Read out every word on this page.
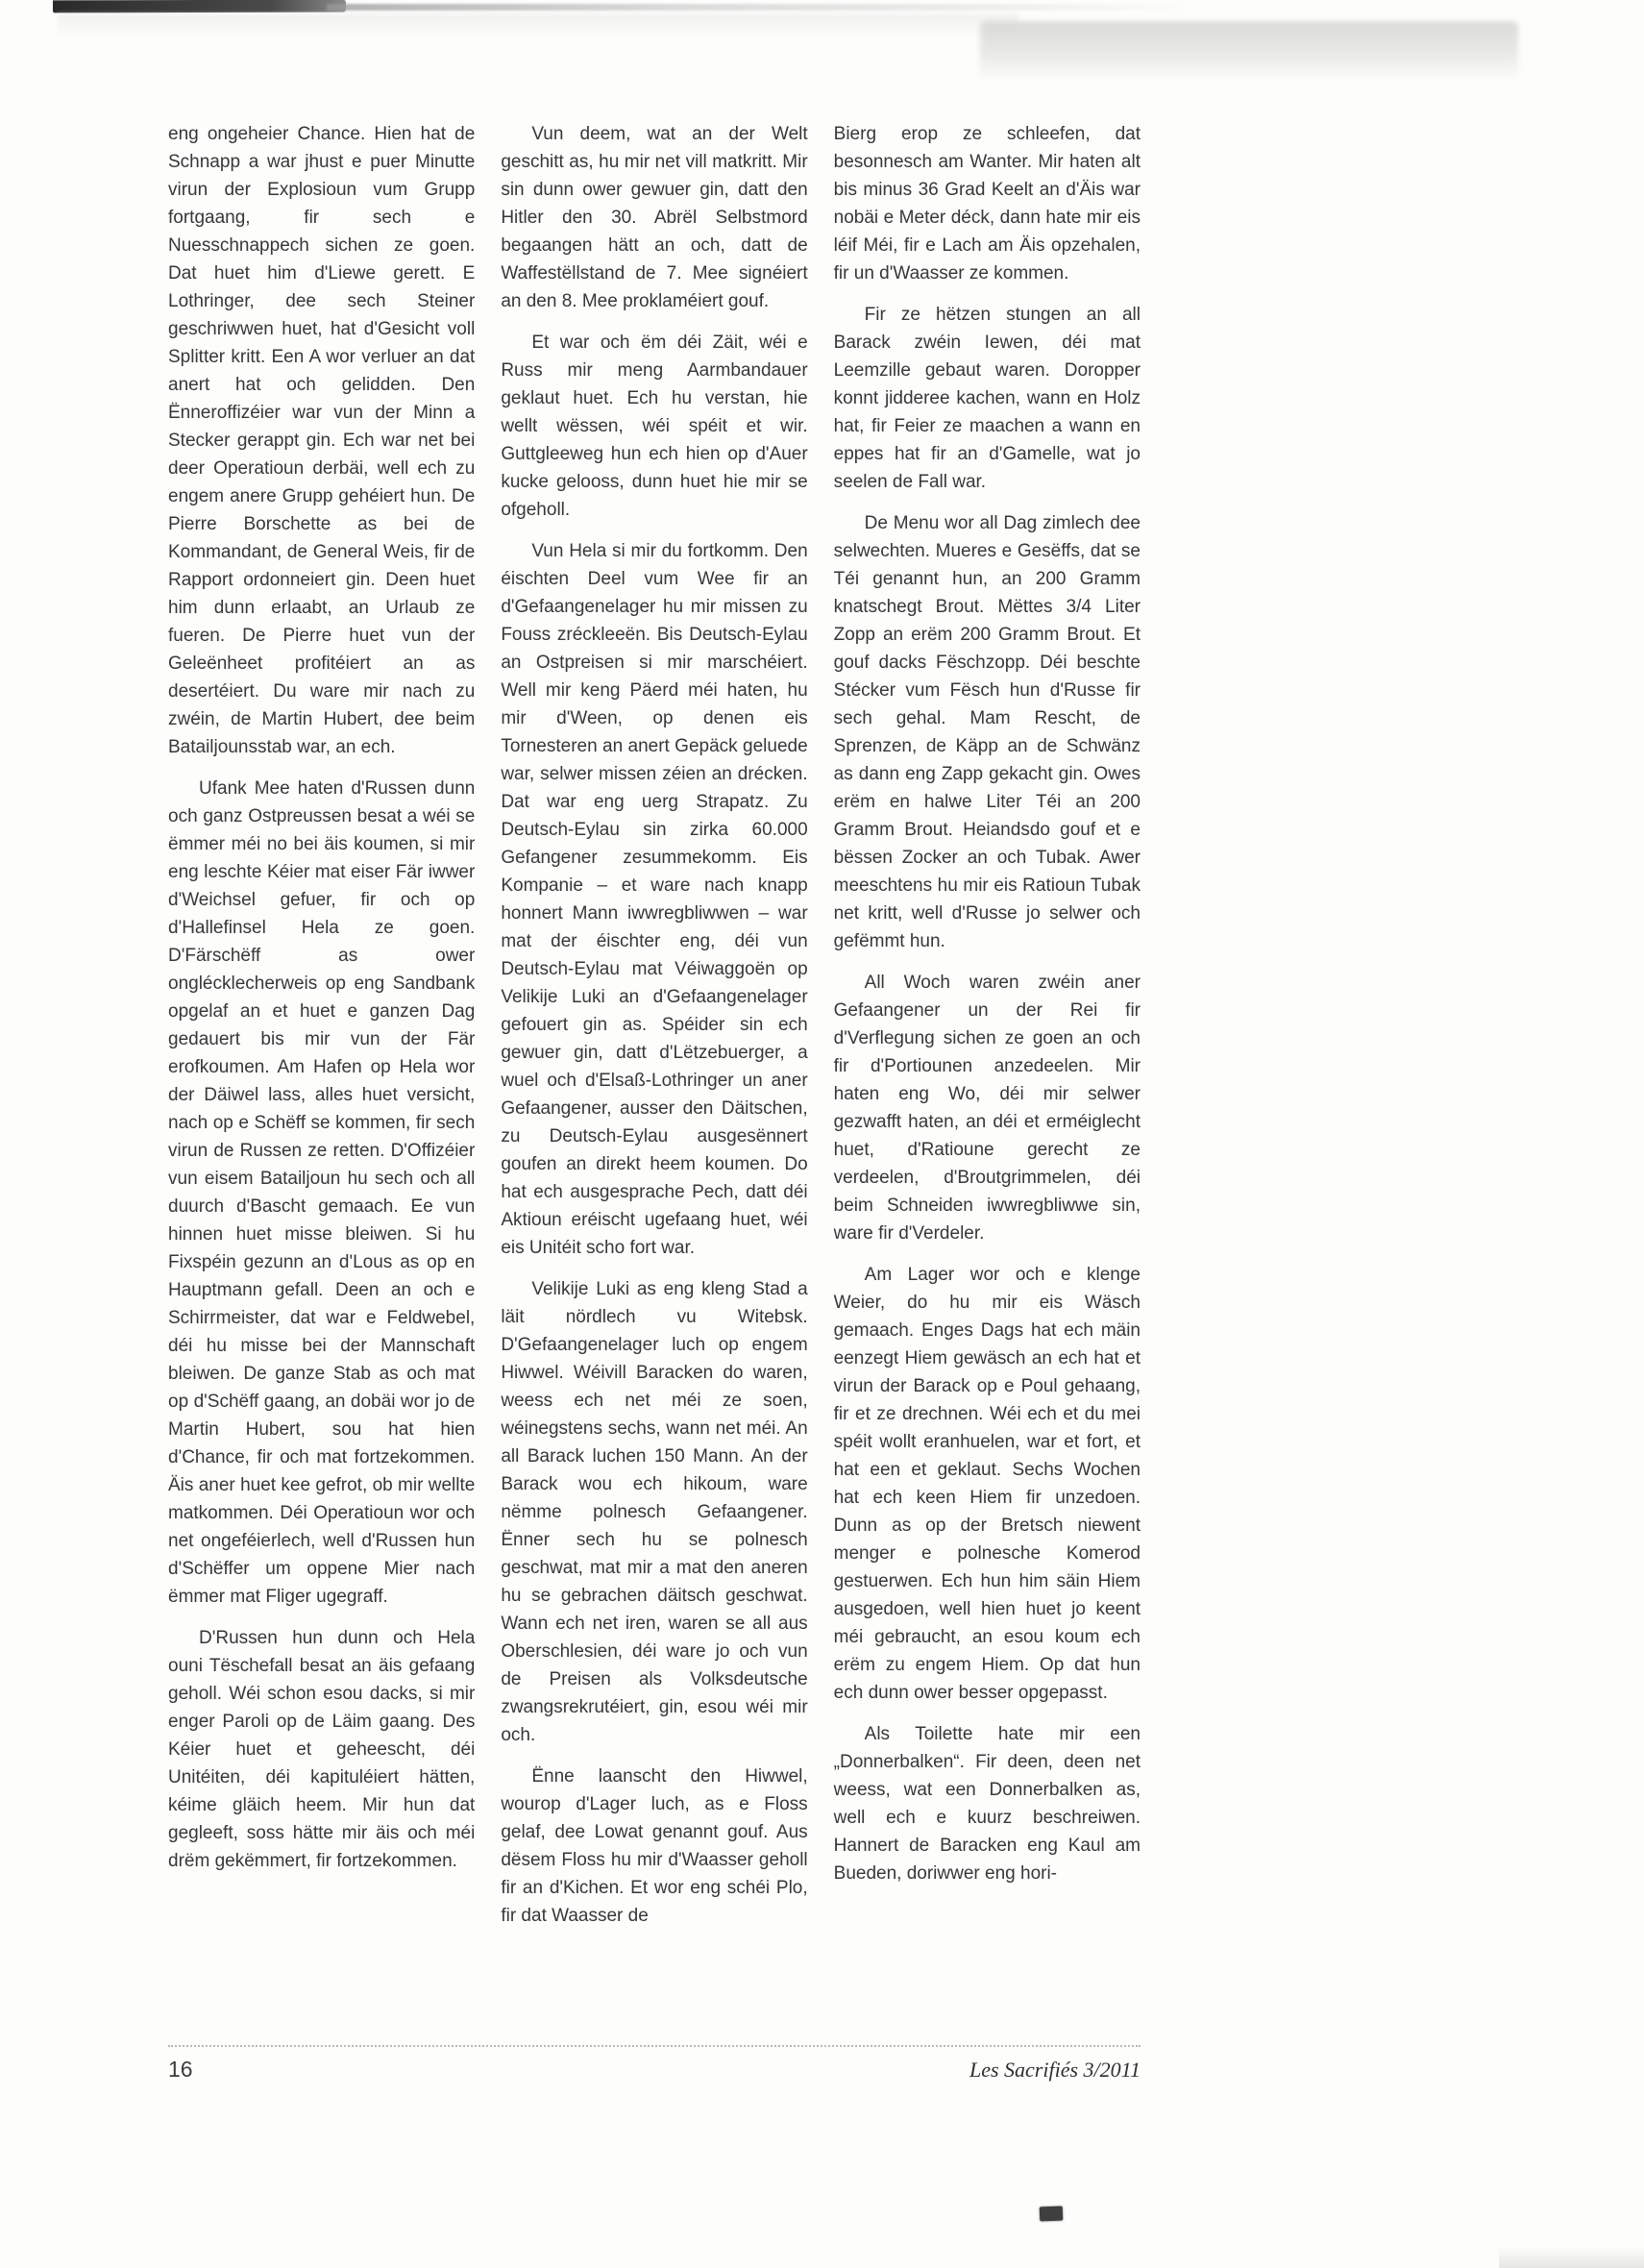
eng ongeheier Chance. Hien hat de Schnapp a war jhust e puer Minutte virun der Explosioun vum Grupp fortgaang, fir sech e Nuesschnappech sichen ze goen. Dat huet him d'Liewe gerett. E Lothringer, dee sech Steiner geschriwwen huet, hat d'Gesicht voll Splitter kritt. Een A wor verluer an dat anert hat och gelidden. Den Ënneroffizéier war vun der Minn a Stecker gerappt gin. Ech war net bei deer Operatioun derbäi, well ech zu engem anere Grupp gehéiert hun. De Pierre Borschette as bei de Kommandant, de General Weis, fir de Rapport ordonneiert gin. Deen huet him dunn erlaabt, an Urlaub ze fueren. De Pierre huet vun der Geleënheet profitéiert an as desertéiert. Du ware mir nach zu zwéin, de Martin Hubert, dee beim Batailjounsstab war, an ech.

Ufank Mee haten d'Russen dunn och ganz Ostpreussen besat a wéi se ëmmer méi no bei äis koumen, si mir eng leschte Kéier mat eiser Fär iwwer d'Weichsel gefuer, fir och op d'Hallefinsel Hela ze goen. D'Färschëff as ower onglécklecherweis op eng Sandbank opgelaf an et huet e ganzen Dag gedauert bis mir vun der Fär erofkoumen. Am Hafen op Hela wor der Däiwel lass, alles huet versicht, nach op e Schëff se kommen, fir sech virun de Russen ze retten. D'Offizéier vun eisem Batailjoun hu sech och all duurch d'Bascht gemaach. Ee vun hinnen huet misse bleiwen. Si hu Fixspéin gezunn an d'Lous as op en Hauptmann gefall. Deen an och e Schirrmeister, dat war e Feldwebel, déi hu misse bei der Mannschaft bleiwen. De ganze Stab as och mat op d'Schëff gaang, an dobäi wor jo de Martin Hubert, sou hat hien d'Chance, fir och mat fortzekommen. Äis aner huet kee gefrot, ob mir wellte matkommen. Déi Operatioun wor och net ongeféierlech, well d'Russen hun d'Schëffer um oppene Mier nach ëmmer mat Fliger ugegraff.

D'Russen hun dunn och Hela ouni Tëschefall besat an äis gefaang geholl. Wéi schon esou dacks, si mir enger Paroli op de Läim gaang. Des Kéier huet et geheescht, déi Unitéiten, déi kapituléiert hätten, kéime gläich heem. Mir hun dat gegleeft, soss hätte mir äis och méi drëm gekëmmert, fir fortzekommen.

Vun deem, wat an der Welt geschitt as, hu mir net vill matkritt. Mir sin dunn ower gewuer gin, datt den Hitler den 30. Abrël Selbstmord begaangen hätt an och, datt de Waffestëllstand de 7. Mee signéiert an den 8. Mee proklaméiert gouf.

Et war och ëm déi Zäit, wéi e Russ mir meng Aarmbandauer geklaut huet. Ech hu verstan, hie wellt wëssen, wéi spéit et wir. Guttgleeweg hun ech hien op d'Auer kucke gelooss, dunn huet hie mir se ofgeholl.

Vun Hela si mir du fortkomm. Den éischten Deel vum Wee fir an d'Gefaangenelager hu mir missen zu Fouss zréckleeën. Bis Deutsch-Eylau an Ostpreisen si mir marschéiert. Well mir keng Päerd méi haten, hu mir d'Ween, op denen eis Tornesteren an anert Gepäck geluede war, selwer missen zéien an drécken. Dat war eng uerg Strapatz. Zu Deutsch-Eylau sin zirka 60.000 Gefangener zesummekomm. Eis Kompanie – et ware nach knapp honnert Mann iwwregbliwwen – war mat der éischter eng, déi vun Deutsch-Eylau mat Véiwaggoën op Velikije Luki an d'Gefaangenelager gefouert gin as. Spéider sin ech gewuer gin, datt d'Lëtzebuerger, a wuel och d'Elsaß-Lothringer un aner Gefaangener, ausser den Däitschen, zu Deutsch-Eylau ausgesënnert goufen an direkt heem koumen. Do hat ech ausgesprache Pech, datt déi Aktioun eréischt ugefaang huet, wéi eis Unitéit scho fort war.

Velikije Luki as eng kleng Stad a läit nördlech vu Witebsk. D'Gefaangenelager luch op engem Hiwwel. Wéivill Baracken do waren, weess ech net méi ze soen, wéinegstens sechs, wann net méi. An all Barack luchen 150 Mann. An der Barack wou ech hikoum, ware nëmme polnesch Gefaangener. Ënner sech hu se polnesch geschwat, mat mir a mat den aneren hu se gebrachen däitsch geschwat. Wann ech net iren, waren se all aus Oberschlesien, déi ware jo och vun de Preisen als Volksdeutsche zwangsrekrutéiert, gin, esou wéi mir och.

Ënne laanscht den Hiwwel, wourop d'Lager luch, as e Floss gelaf, dee Lowat genannt gouf. Aus dësem Floss hu mir d'Waasser geholl fir an d'Kichen. Et wor eng schéi Plo, fir dat Waasser de

Bierg erop ze schleefen, dat besonnesch am Wanter. Mir haten alt bis minus 36 Grad Keelt an d'Äis war nobäi e Meter déck, dann hate mir eis léif Méi, fir e Lach am Äis opzehalen, fir un d'Waasser ze kommen.

Fir ze hëtzen stungen an all Barack zwéin Iewen, déi mat Leemzille gebaut waren. Doropper konnt jidderee kachen, wann en Holz hat, fir Feier ze maachen a wann en eppes hat fir an d'Gamelle, wat jo seelen de Fall war.

De Menu wor all Dag zimlech dee selwechten. Mueres e Gesëffs, dat se Téi genannt hun, an 200 Gramm knatschegt Brout. Mëttes 3/4 Liter Zopp an erëm 200 Gramm Brout. Et gouf dacks Fëschzopp. Déi beschte Stécker vum Fësch hun d'Russe fir sech gehal. Mam Rescht, de Sprenzen, de Käpp an de Schwänz as dann eng Zapp gekacht gin. Owes erëm en halwe Liter Téi an 200 Gramm Brout. Heiandsdo gouf et e bëssen Zocker an och Tubak. Awer meeschtens hu mir eis Ratioun Tubak net kritt, well d'Russe jo selwer och gefëmmt hun.

All Woch waren zwéin aner Gefaangener un der Rei fir d'Verflegung sichen ze goen an och fir d'Portiounen anzedeelen. Mir haten eng Wo, déi mir selwer gezwafft haten, an déi et erméiglecht huet, d'Ratioune gerecht ze verdeelen, d'Broutgrimmelen, déi beim Schneiden iwwregbliwwe sin, ware fir d'Verdeler.

Am Lager wor och e klenge Weier, do hu mir eis Wäsch gemaach. Enges Dags hat ech mäin eenzegt Hiem gewäsch an ech hat et virun der Barack op e Poul gehaang, fir et ze drechnen. Wéi ech et du mei spéit wollt eranhuelen, war et fort, et hat een et geklaut. Sechs Wochen hat ech keen Hiem fir unzedoen. Dunn as op der Bretsch niewent menger e polnesche Komerod gestuerwen. Ech hun him säin Hiem ausgedoen, well hien huet jo keent méi gebraucht, an esou koum ech erëm zu engem Hiem. Op dat hun ech dunn ower besser opgepasst.

Als Toilette hate mir een „Donnerbalken“. Fir deen, deen net weess, wat een Donnerbalken as, well ech e kuurz beschreiwen. Hannert de Baracken eng Kaul am Bueden, doriwwer eng hori-

16	Les Sacrifiés 3/2011
